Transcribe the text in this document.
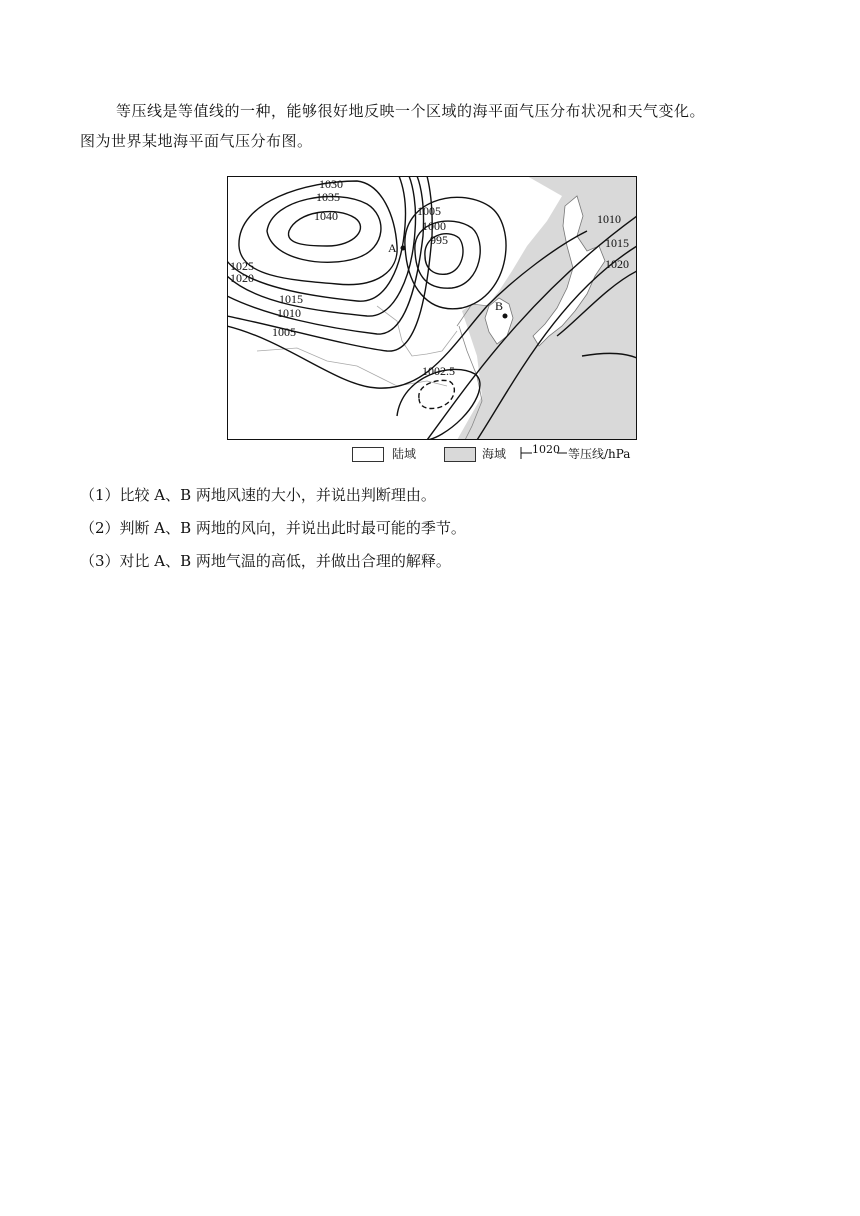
等压线是等值线的一种，能够很好地反映一个区域的海平面气压分布状况和天气变化。
图为世界某地海平面气压分布图。
A
B
1030
1035
1040
1025
1020
1015
1010
1005
1005
1000
995
1002.5
1010
1015
1020
陆域	海域 1020 等压线/hPa
（1）比较 A、B 两地风速的大小，并说出判断理由。
（2）判断 A、B 两地的风向，并说出此时最可能的季节。
（3）对比 A、B 两地气温的高低，并做出合理的解释。
